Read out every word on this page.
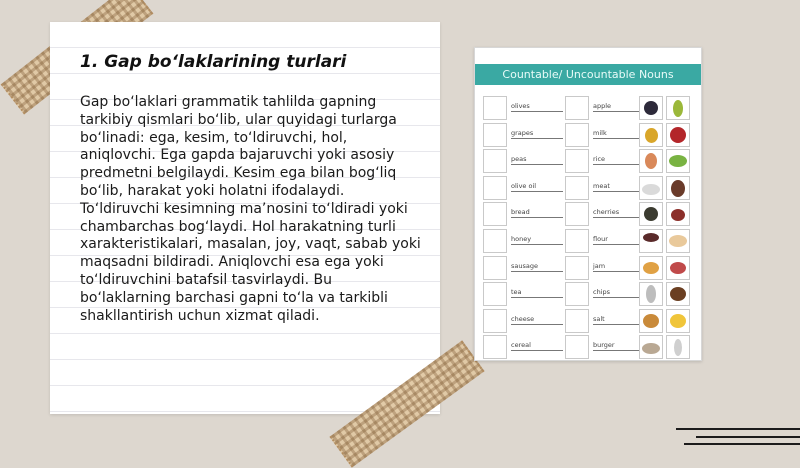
1. Gap bo‘laklarining turlari

Gap bo‘laklari grammatik tahlilda gapning tarkibiy qismlari bo‘lib, ular quyidagi turlarga bo‘linadi: ega, kesim, to‘ldiruvchi, hol, aniqlovchi. Ega gapda bajaruvchi yoki asosiy predmetni belgilaydi. Kesim ega bilan bog‘liq bo‘lib, harakat yoki holatni ifodalaydi. To‘ldiruvchi kesimning ma’nosini to‘ldiradi yoki chambarchas bog‘laydi. Hol harakatning turli xarakteristikalari, masalan, joy, vaqt, sabab yoki maqsadni bildiradi. Aniqlovchi esa ega yoki to‘ldiruvchini batafsil tasvirlaydi. Bu bo‘laklarning barchasi gapni to‘la va tarkibli shakllantirish uchun xizmat qiladi.

Countable/ Uncountable Nouns
olives
grapes
peas
olive oil
bread
honey
sausage
tea
cheese
cereal
apple
milk
rice
meat
cherries
flour
jam
chips
salt
burger
